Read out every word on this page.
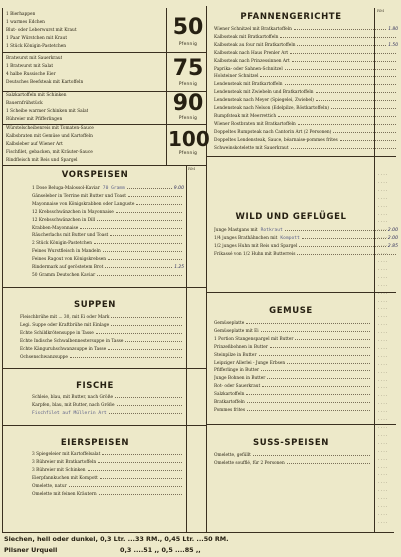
1 Bierhappen
1 warmes Edchen
Blut- oder Leberwurst mit Kraut
1 Paar Würstchen mit Kraut
1 Stück Königin-Pastetchen
50
Pfennig
Bratwurst mit Sauerkraut
1 Bratwurst mit Salat
4 halbe Russische Eier
Deutsches Beefsteak mit Kartoffeln
75
Pfennig
Salzkartoffeln mit Schinken
Bauernfrühstück
1 Scheibe warmer Schinken mit Salat
Rühreier mit Pfifferlingen
90
Pfennig
Würstelscheibenreis mit Tomaten-Sauce
Kalbsbraten mit Gemüse und Kartoffeln
Kalbsleber auf Wiener Art
Fischfilet, gebacken, mit Kräuter-Sauce
Rindfleisch mit Reis und Spargel
100
Pfennig
RM
VORSPEISEN
1 Dose Beluga-Malossol-Kaviar 70 Gramm	9.00
Gänseleber in Terrine mit Butter und Toast
Mayonnaise von Königskrabben oder Languste
12 Krebsschwänzchen in Mayonnaise
12 Krebsschwänzchen in Dill
Krabben-Mayonnaise
Räucherlachs mit Butter und Toast
2 Stück Königin-Pastetchen
Feines Wurstfleisch in Mandeln
Feines Ragout von Königskrebsen
Rindermark auf geröstetem Brot	1.25
50 Gramm Deutschen Kaviar
SUPPEN
Fleischbrühe mit ... 30, mit Ei oder Mark
Legi. Suppe oder Kraftbrühe mit Einlage
Echte Schildkrötensuppe in Tasse
Echte Indische Schwalbennestersuppe in Tasse
Echte Känguruhschwanzsuppe in Tasse
Ochsenschwanzsuppe
FISCHE
Schleie, blau, mit Butter, nach Größe
Karpfen, blau, mit Butter, nach Größe
Fischfilet auf Müllerin Art
EIERSPEISEN
3 Spiegeleier mit Kartoffelsalat
3 Rühreier mit Bratkartoffeln
3 Rühreier mit Schinken
Eierpfannkuchen mit Kompott
Omelette, natur
Omelette mit feinen Kräutern
RM
PFANNENGERICHTE
Wiener Schnitzel mit Bratkartoffeln	1.80
Kalbssteak mit Bratkartoffeln
Kalbssteak au four mit Bratkartoffeln	1.50
Kalbssteak nach Haus Prenler Art
Kalbssteak nach Prinzessinnen Art
Paprika- oder Sahnen-Schnitzel
Holsteiner Schnitzel
Lendensteak mit Bratkartoffeln
Lendensteak mit Zwiebeln und Bratkartoffeln
Lendensteak nach Meyer (Spiegelei, Zwiebel)
Lendensteak nach Nelson (Edelpilze, Röstkartoffeln)
Rumpfsteak mit Meerrettich
Wiener Rostbraten mit Bratkartoffeln
Doppeltes Rumpsteak nach Cantorin Art (2 Personen)
Doppeltes Lendensteak, Sauce, béarnaise-pommes frites
Schweinskotelette mit Sauerkraut
WILD UND GEFLÜGEL
Junge Mastgans mit Rotkraut	2.00
1/4 junges Brathähnchen mit Kompott	2.00
1/2 junges Huhn mit Reis und Spargel	2.85
Frikassé von 1/2 Huhn mit Butterreis
GEMUSE
Gemüseplatte
Gemüseplatte mit Ei
1 Portion Stangenspargel mit Butter
Prinzeßbohnen in Butter
Steinpilze in Butter
Leipziger Allerlei - Junge Erbsen
Pfifferlinge in Butter
Junge Bohnen in Butter
Rot- oder Sauerkraut
Salzkartoffeln
Bratkartoffeln
Pommes frites
SUSS-SPEISEN
Omelette, gefüllt
Omelette soufflé, für 2 Personen
. . . .
. . . .
. . . .
. . . .
. . . .
. . . .
. . . .
. . . .
. . . .
. . . .
. . . .
. . . .
. . . .
. . . .
. . . .
. . . .
. . . .
. . . .
. . . .
. . . .
. . . .
. . . .
. . . .
. . . .
. . . .
. . . .
. . . .
. . . .
. . . .
. . . .
. . . .
. . . .
. . . .
. . . .
. . . .
. . . .
. . . .
. . . .
. . . .
. . . .
. . . .
. . . .
. . . .
. . . .
. . . .
Siechen, hell oder dunkel, 0,3 Ltr. ...33 RM., 0,45 Ltr. ...50 RM.
Pilsner Urquell	0,3 ....51 ,, 0,5 ....85 ,,
